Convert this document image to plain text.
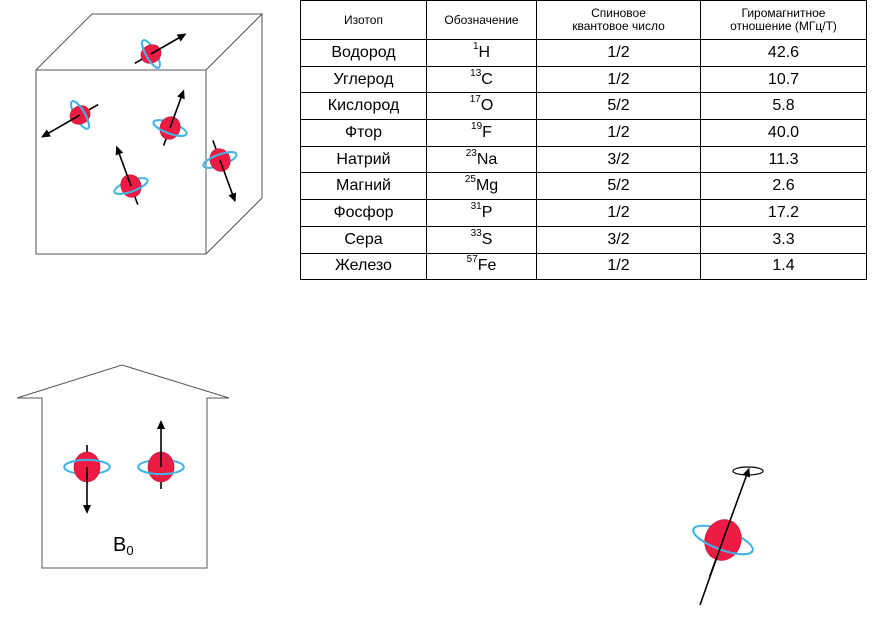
Изотоп	Обозначение	Спиновое квантовое число	Гиромагнитное отношение (МГц/Т)

Водород	$^1$H	1/2	42.6
Углерод	$^{13}$C	1/2	10.7
Кислород	$^{17}$O	5/2	5.8
Фтор	$^{19}$F	1/2	40.0
Натрий	$^{23}$Na	3/2	11.3
Магний	$^{25}$Mg	5/2	2.6
Фосфор	$^{31}$P	1/2	17.2
Сера	$^{33}$S	3/2	3.3
Железо	$^{57}$Fe	1/2	1.4
$B_0$
